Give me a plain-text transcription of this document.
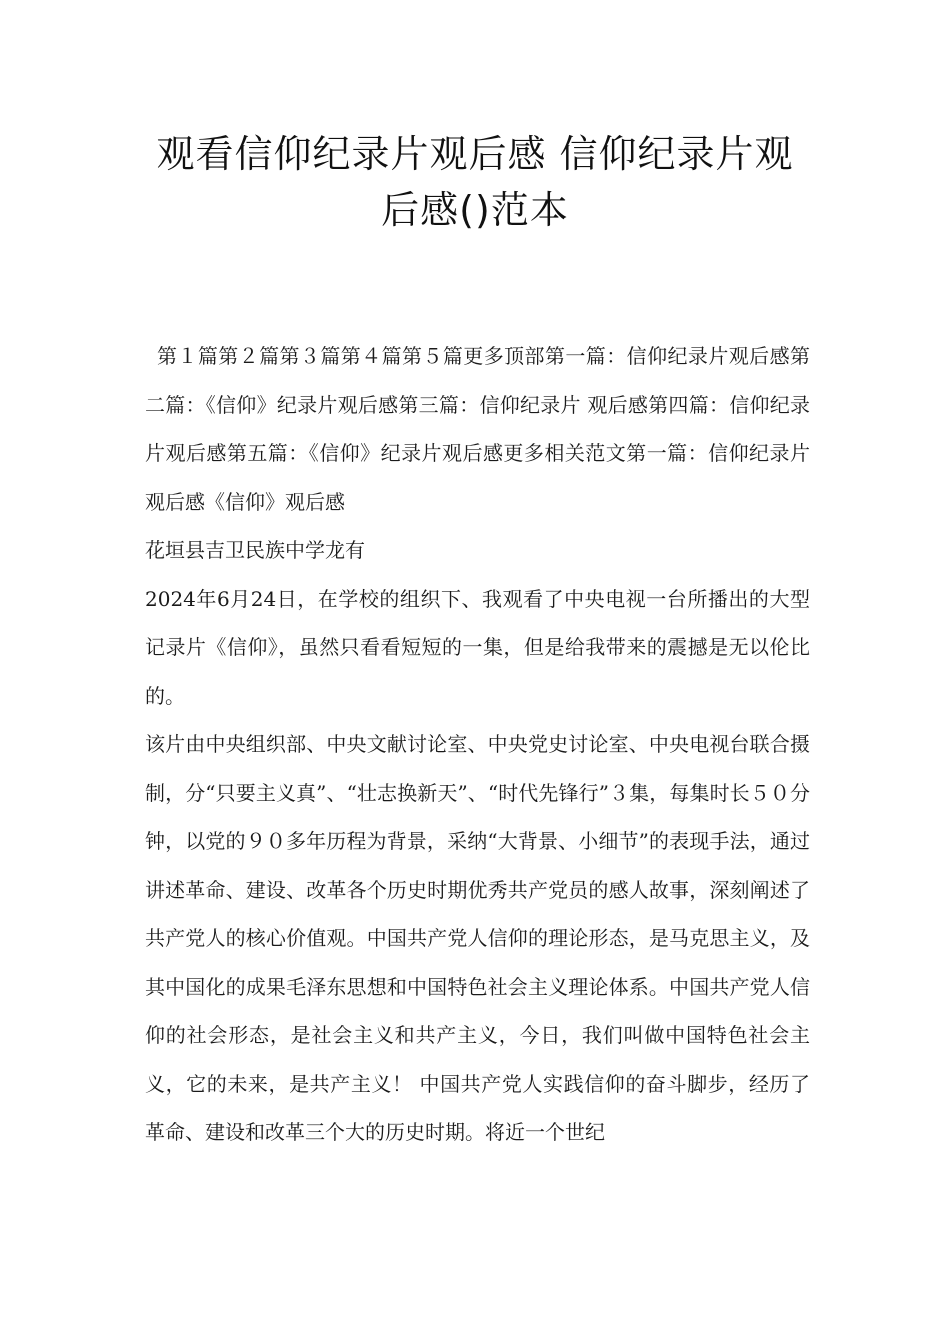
观看信仰纪录片观后感 信仰纪录片观
后感()范本

第１篇第２篇第３篇第４篇第５篇更多顶部第一篇：信仰纪录片观后感第二篇：《信仰》纪录片观后感第三篇：信仰纪录片 观后感第四篇：信仰纪录片观后感第五篇：《信仰》纪录片观后感更多相关范文第一篇：信仰纪录片观后感《信仰》观后感

花垣县吉卫民族中学龙有

2024年6月24日，在学校的组织下、我观看了中央电视一台所播出的大型记录片《信仰》，虽然只看看短短的一集，但是给我带来的震撼是无以伦比的。

该片由中央组织部、中央文献讨论室、中央党史讨论室、中央电视台联合摄制，分“只要主义真”、“壮志换新天”、“时代先锋行”３集，每集时长５０分钟，以党的９０多年历程为背景，采纳“大背景、小细节”的表现手法，通过讲述革命、建设、改革各个历史时期优秀共产党员的感人故事，深刻阐述了共产党人的核心价值观。中国共产党人信仰的理论形态，是马克思主义，及其中国化的成果毛泽东思想和中国特色社会主义理论体系。中国共产党人信仰的社会形态，是社会主义和共产主义，今日，我们叫做中国特色社会主义，它的未来，是共产主义！ 中国共产党人实践信仰的奋斗脚步，经历了革命、建设和改革三个大的历史时期。将近一个世纪
